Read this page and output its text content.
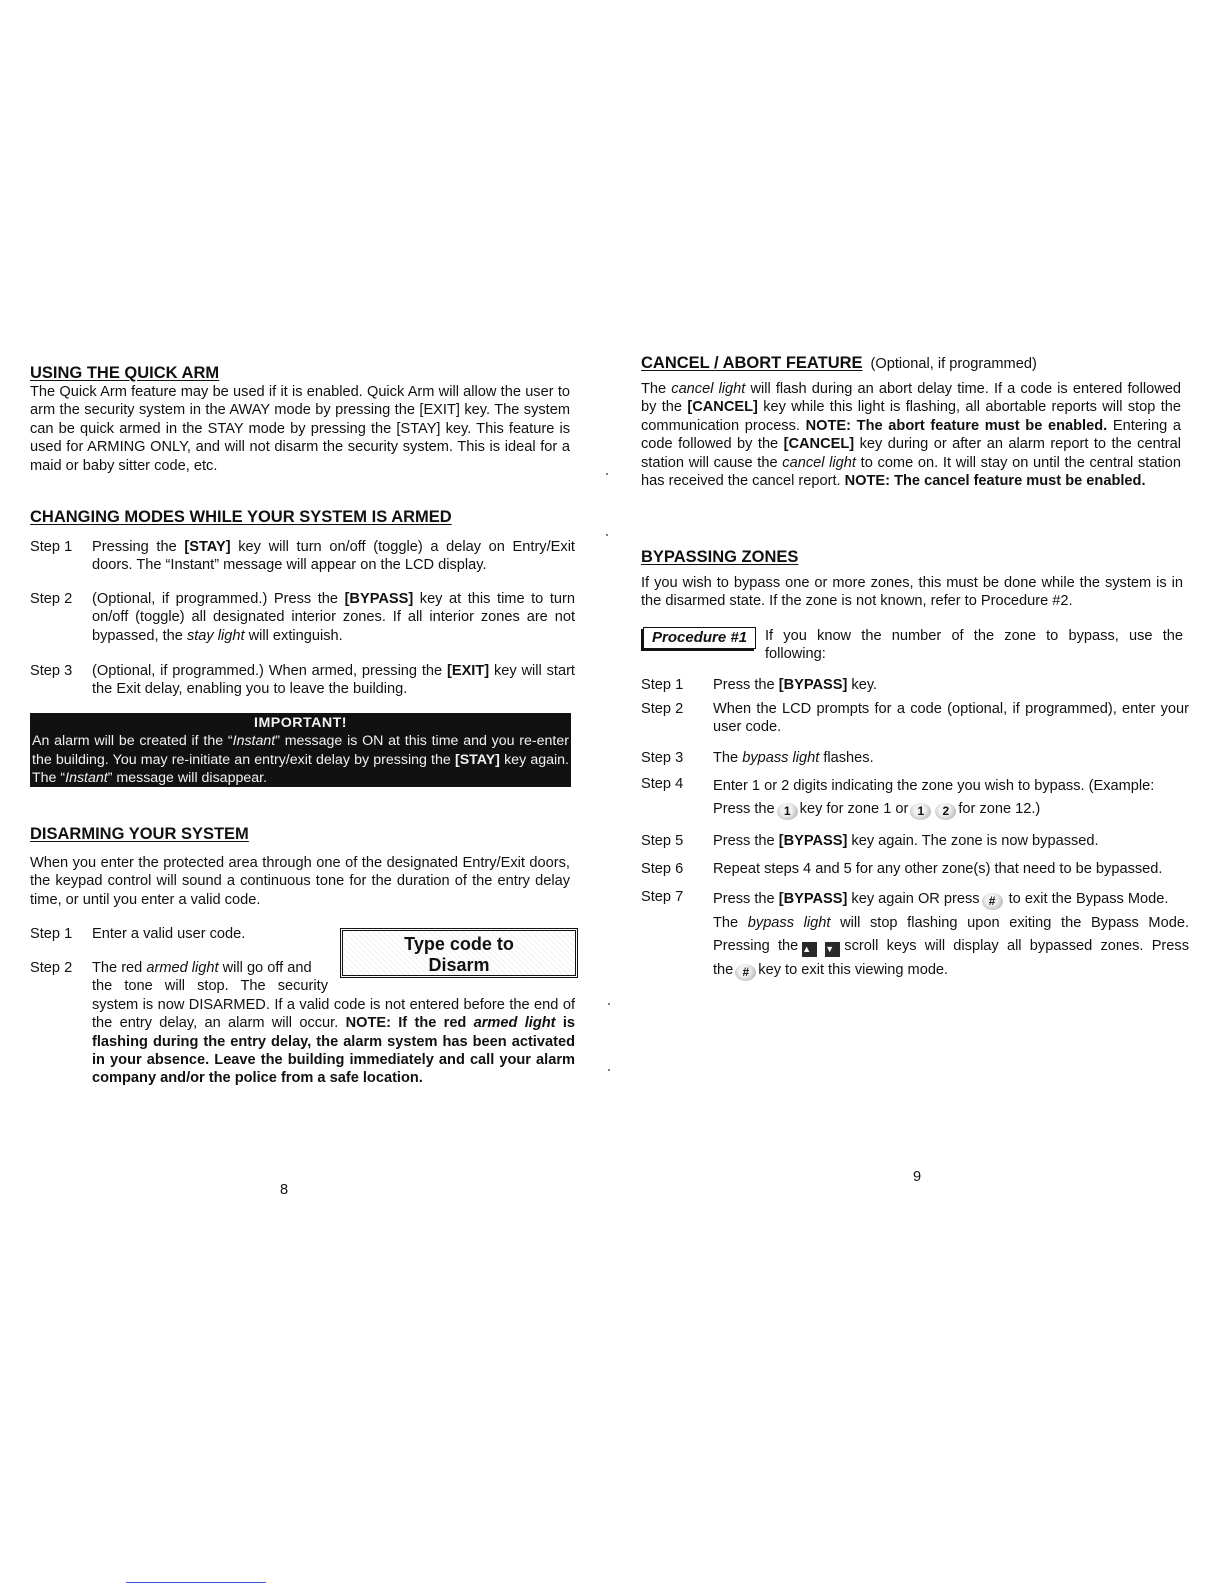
USING THE QUICK ARM

The Quick Arm feature may be used if it is enabled. Quick Arm will allow the user to arm the security system in the AWAY mode by pressing the [EXIT] key. The system can be quick armed in the STAY mode by pressing the [STAY] key. This feature is used for ARMING ONLY, and will not disarm the security system. This is ideal for a maid or baby sitter code, etc.

CHANGING MODES WHILE YOUR SYSTEM IS ARMED
Step 1 Pressing the [STAY] key will turn on/off (toggle) a delay on Entry/Exit doors. The “Instant” message will appear on the LCD display.
Step 2 (Optional, if programmed.) Press the [BYPASS] key at this time to turn on/off (toggle) all designated interior zones. If all interior zones are not bypassed, the stay light will extinguish.
Step 3 (Optional, if programmed.) When armed, pressing the [EXIT] key will start the Exit delay, enabling you to leave the building.
IMPORTANT!
An alarm will be created if the “Instant” message is ON at this time and you re-enter the building. You may re-initiate an entry/exit delay by pressing the [STAY] key again. The “Instant” message will disappear.
DISARMING YOUR SYSTEM

When you enter the protected area through one of the designated Entry/Exit doors, the keypad control will sound a continuous tone for the duration of the entry delay time, or until you enter a valid code.

Step 1 Enter a valid user code.	Type code to
Disarm
Step 2 The red armed light will go off and
the tone will stop. The security
system is now DISARMED. If a valid code is not entered before the end of the entry delay, an alarm will occur. NOTE: If the red armed light is flashing during the entry delay, the alarm system has been activated in your absence. Leave the building immediately and call your alarm company and/or the police from a safe location.
8
CANCEL / ABORT FEATURE (Optional, if programmed)

The cancel light will flash during an abort delay time. If a code is entered followed by the [CANCEL] key while this light is flashing, all abortable reports will stop the communication process. NOTE: The abort feature must be enabled. Entering a code followed by the [CANCEL] key during or after an alarm report to the central station will cause the cancel light to come on. It will stay on until the central station has received the cancel report. NOTE: The cancel feature must be enabled.

BYPASSING ZONES

If you wish to bypass one or more zones, this must be done while the system is in the disarmed state. If the zone is not known, refer to Procedure #2.

Procedure #1	If you know the number of the zone to bypass, use the
following:
Step 1 Press the [BYPASS] key.
Step 2 When the LCD prompts for a code (optional, if programmed), enter your user code.
Step 3 The bypass light flashes.
Step 4 Enter 1 or 2 digits indicating the zone you wish to bypass. (Example:
Press the 1 key for zone 1 or 1 2 for zone 12.)
Step 5 Press the [BYPASS] key again. The zone is now bypassed.
Step 6 Repeat steps 4 and 5 for any other zone(s) that need to be bypassed.
Step 7 Press the [BYPASS] key again OR press # to exit the Bypass Mode.
The bypass light will stop flashing upon exiting the Bypass Mode.
Pressing the ▲ ▼ scroll keys will display all bypassed zones. Press
the # key to exit this viewing mode.
9
